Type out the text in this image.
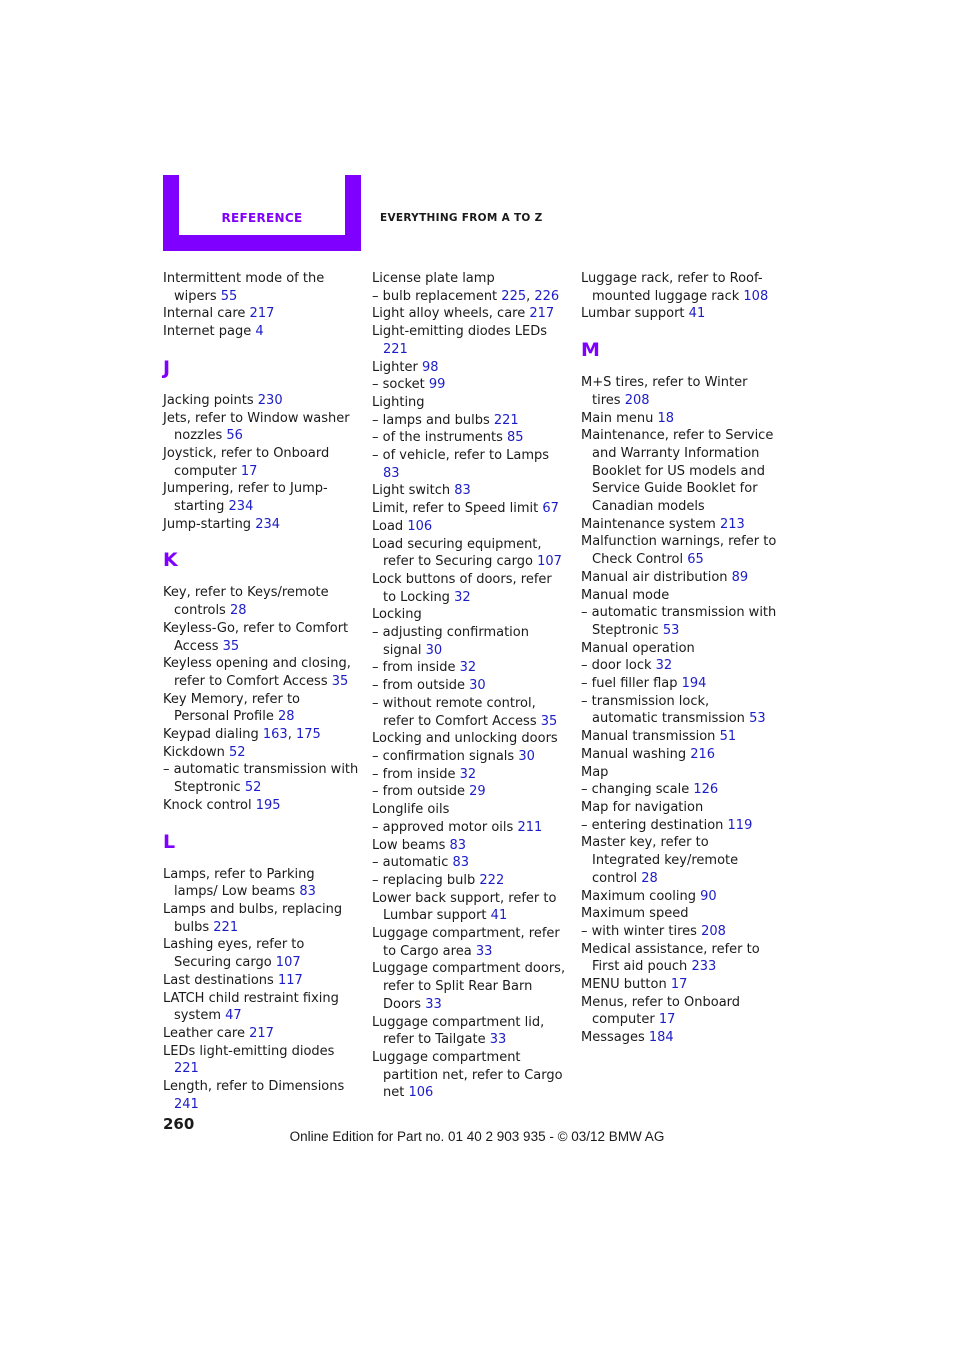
REFERENCE	EVERYTHING FROM A TO Z
Intermittent mode of the wipers 55
Internal care 217
Internet page 4
J
Jacking points 230
Jets, refer to Window washer nozzles 56
Joystick, refer to Onboard computer 17
Jumpering, refer to Jump-starting 234
Jump-starting 234
K
Key, refer to Keys/remote controls 28
Keyless-Go, refer to Comfort Access 35
Keyless opening and closing, refer to Comfort Access 35
Key Memory, refer to Personal Profile 28
Keypad dialing 163, 175
Kickdown 52
– automatic transmission with Steptronic 52
Knock control 195
L
Lamps, refer to Parking lamps/ Low beams 83
Lamps and bulbs, replacing bulbs 221
Lashing eyes, refer to Securing cargo 107
Last destinations 117
LATCH child restraint fixing system 47
Leather care 217
LEDs light-emitting diodes 221
Length, refer to Dimensions 241
License plate lamp
– bulb replacement 225, 226
Light alloy wheels, care 217
Light-emitting diodes LEDs 221
Lighter 98
– socket 99
Lighting
– lamps and bulbs 221
– of the instruments 85
– of vehicle, refer to Lamps 83
Light switch 83
Limit, refer to Speed limit 67
Load 106
Load securing equipment, refer to Securing cargo 107
Lock buttons of doors, refer to Locking 32
Locking
– adjusting confirmation signal 30
– from inside 32
– from outside 30
– without remote control, refer to Comfort Access 35
Locking and unlocking doors
– confirmation signals 30
– from inside 32
– from outside 29
Longlife oils
– approved motor oils 211
Low beams 83
– automatic 83
– replacing bulb 222
Lower back support, refer to Lumbar support 41
Luggage compartment, refer to Cargo area 33
Luggage compartment doors, refer to Split Rear Barn Doors 33
Luggage compartment lid, refer to Tailgate 33
Luggage compartment partition net, refer to Cargo net 106
Luggage rack, refer to Roof-mounted luggage rack 108
Lumbar support 41
M
M+S tires, refer to Winter tires 208
Main menu 18
Maintenance, refer to Service and Warranty Information Booklet for US models and Service Guide Booklet for Canadian models
Maintenance system 213
Malfunction warnings, refer to Check Control 65
Manual air distribution 89
Manual mode
– automatic transmission with Steptronic 53
Manual operation
– door lock 32
– fuel filler flap 194
– transmission lock, automatic transmission 53
Manual transmission 51
Manual washing 216
Map
– changing scale 126
Map for navigation
– entering destination 119
Master key, refer to Integrated key/remote control 28
Maximum cooling 90
Maximum speed
– with winter tires 208
Medical assistance, refer to First aid pouch 233
MENU button 17
Menus, refer to Onboard computer 17
Messages 184
260
Online Edition for Part no. 01 40 2 903 935 - © 03/12 BMW AG
